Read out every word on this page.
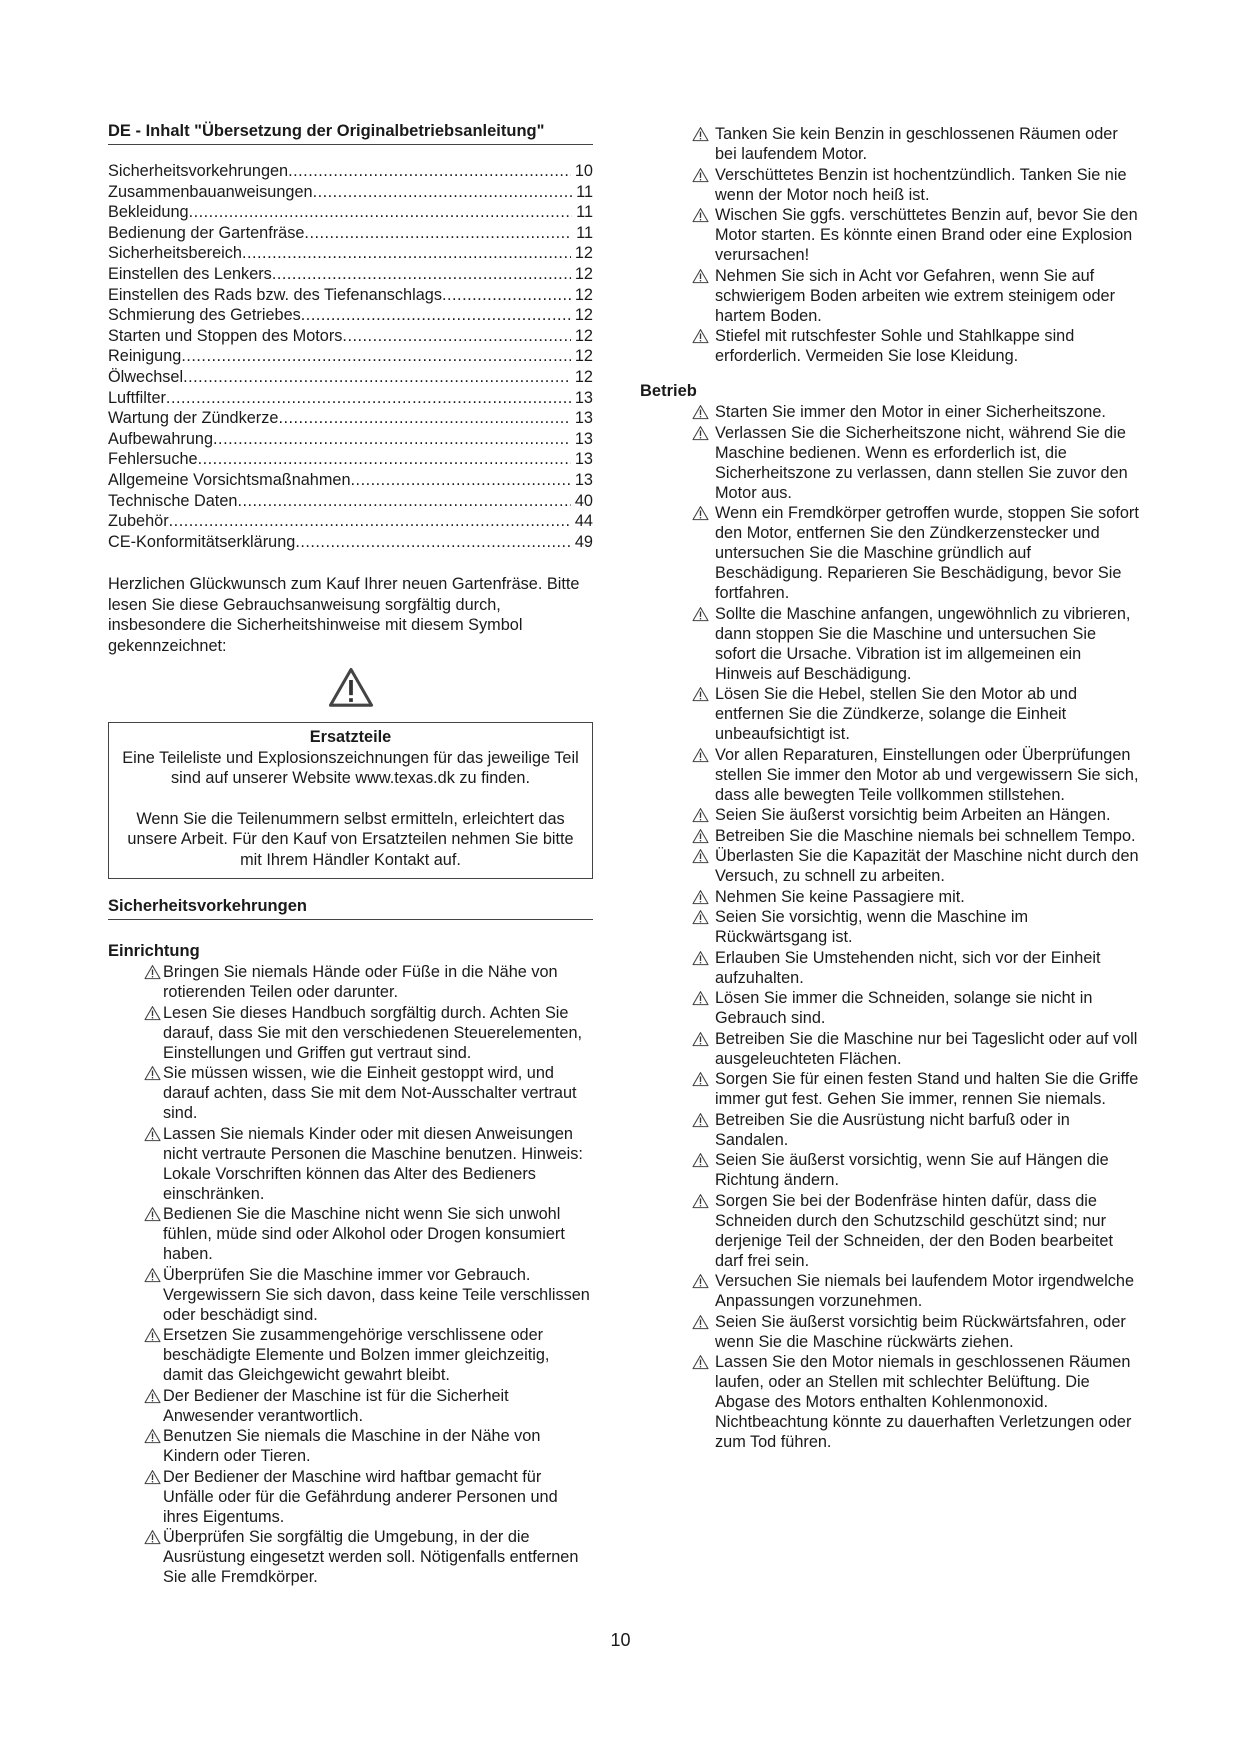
DE - Inhalt "Übersetzung der Originalbetriebsanleitung"
Sicherheitsvorkehrungen .....	10
Zusammenbauanweisungen .....	11
Bekleidung .....	11
Bedienung der Gartenfräse .....	11
Sicherheitsbereich .....	12
Einstellen des Lenkers .....	12
Einstellen des Rads bzw. des Tiefenanschlags .....	12
Schmierung des Getriebes .....	12
Starten und Stoppen des Motors .....	12
Reinigung .....	12
Ölwechsel .....	12
Luftfilter .....	13
Wartung der Zündkerze .....	13
Aufbewahrung .....	13
Fehlersuche .....	13
Allgemeine Vorsichtsmaßnahmen .....	13
Technische Daten .....	40
Zubehör .....	44
CE-Konformitätserklärung .....	49
Herzlichen Glückwunsch zum Kauf Ihrer neuen Gartenfräse. Bitte lesen Sie diese Gebrauchsanweisung sorgfältig durch, insbesondere die Sicherheitshinweise mit diesem Symbol gekennzeichnet:
Ersatzteile

Eine Teileliste und Explosionszeichnungen für das jeweilige Teil sind auf unserer Website www.texas.dk zu finden.

Wenn Sie die Teilenummern selbst ermitteln, erleichtert das unsere Arbeit. Für den Kauf von Ersatzteilen nehmen Sie bitte mit Ihrem Händler Kontakt auf.

Sicherheitsvorkehrungen
Einrichtung
Bringen Sie niemals Hände oder Füße in die Nähe von rotierenden Teilen oder darunter.
Lesen Sie dieses Handbuch sorgfältig durch. Achten Sie darauf, dass Sie mit den verschiedenen Steuerelementen, Einstellungen und Griffen gut vertraut sind.
Sie müssen wissen, wie die Einheit gestoppt wird, und darauf achten, dass Sie mit dem Not-Ausschalter vertraut sind.
Lassen Sie niemals Kinder oder mit diesen Anweisungen nicht vertraute Personen die Maschine benutzen. Hinweis: Lokale Vorschriften können das Alter des Bedieners einschränken.
Bedienen Sie die Maschine nicht wenn Sie sich unwohl fühlen, müde sind oder Alkohol oder Drogen konsumiert haben.
Überprüfen Sie die Maschine immer vor Gebrauch. Vergewissern Sie sich davon, dass keine Teile verschlissen oder beschädigt sind.
Ersetzen Sie zusammengehörige verschlissene oder beschädigte Elemente und Bolzen immer gleichzeitig, damit das Gleichgewicht gewahrt bleibt.
Der Bediener der Maschine ist für die Sicherheit Anwesender verantwortlich.
Benutzen Sie niemals die Maschine in der Nähe von Kindern oder Tieren.
Der Bediener der Maschine wird haftbar gemacht für Unfälle oder für die Gefährdung anderer Personen und ihres Eigentums.
Überprüfen Sie sorgfältig die Umgebung, in der die Ausrüstung eingesetzt werden soll. Nötigenfalls entfernen Sie alle Fremdkörper.
Tanken Sie kein Benzin in geschlossenen Räumen oder bei laufendem Motor.
Verschüttetes Benzin ist hochentzündlich. Tanken Sie nie wenn der Motor noch heiß ist.
Wischen Sie ggfs. verschüttetes Benzin auf, bevor Sie den Motor starten. Es könnte einen Brand oder eine Explosion verursachen!
Nehmen Sie sich in Acht vor Gefahren, wenn Sie auf schwierigem Boden arbeiten wie extrem steinigem oder hartem Boden.
Stiefel mit rutschfester Sohle und Stahlkappe sind erforderlich. Vermeiden Sie lose Kleidung.
Betrieb
Starten Sie immer den Motor in einer Sicherheitszone.
Verlassen Sie die Sicherheitszone nicht, während Sie die Maschine bedienen. Wenn es erforderlich ist, die Sicherheitszone zu verlassen, dann stellen Sie zuvor den Motor aus.
Wenn ein Fremdkörper getroffen wurde, stoppen Sie sofort den Motor, entfernen Sie den Zündkerzenstecker und untersuchen Sie die Maschine gründlich auf Beschädigung. Reparieren Sie Beschädigung, bevor Sie fortfahren.
Sollte die Maschine anfangen, ungewöhnlich zu vibrieren, dann stoppen Sie die Maschine und untersuchen Sie sofort die Ursache. Vibration ist im allgemeinen ein Hinweis auf Beschädigung.
Lösen Sie die Hebel, stellen Sie den Motor ab und entfernen Sie die Zündkerze, solange die Einheit unbeaufsichtigt ist.
Vor allen Reparaturen, Einstellungen oder Überprüfungen stellen Sie immer den Motor ab und vergewissern Sie sich, dass alle bewegten Teile vollkommen stillstehen.
Seien Sie äußerst vorsichtig beim Arbeiten an Hängen.
Betreiben Sie die Maschine niemals bei schnellem Tempo.
Überlasten Sie die Kapazität der Maschine nicht durch den Versuch, zu schnell zu arbeiten.
Nehmen Sie keine Passagiere mit.
Seien Sie vorsichtig, wenn die Maschine im Rückwärtsgang ist.
Erlauben Sie Umstehenden nicht, sich vor der Einheit aufzuhalten.
Lösen Sie immer die Schneiden, solange sie nicht in Gebrauch sind.
Betreiben Sie die Maschine nur bei Tageslicht oder auf voll ausgeleuchteten Flächen.
Sorgen Sie für einen festen Stand und halten Sie die Griffe immer gut fest. Gehen Sie immer, rennen Sie niemals.
Betreiben Sie die Ausrüstung nicht barfuß oder in Sandalen.
Seien Sie äußerst vorsichtig, wenn Sie auf Hängen die Richtung ändern.
Sorgen Sie bei der Bodenfräse hinten dafür, dass die Schneiden durch den Schutzschild geschützt sind; nur derjenige Teil der Schneiden, der den Boden bearbeitet darf frei sein.
Versuchen Sie niemals bei laufendem Motor irgendwelche Anpassungen vorzunehmen.
Seien Sie äußerst vorsichtig beim Rückwärtsfahren, oder wenn Sie die Maschine rückwärts ziehen.
Lassen Sie den Motor niemals in geschlossenen Räumen laufen, oder an Stellen mit schlechter Belüftung. Die Abgase des Motors enthalten Kohlenmonoxid. Nichtbeachtung könnte zu dauerhaften Verletzungen oder zum Tod führen.
10
